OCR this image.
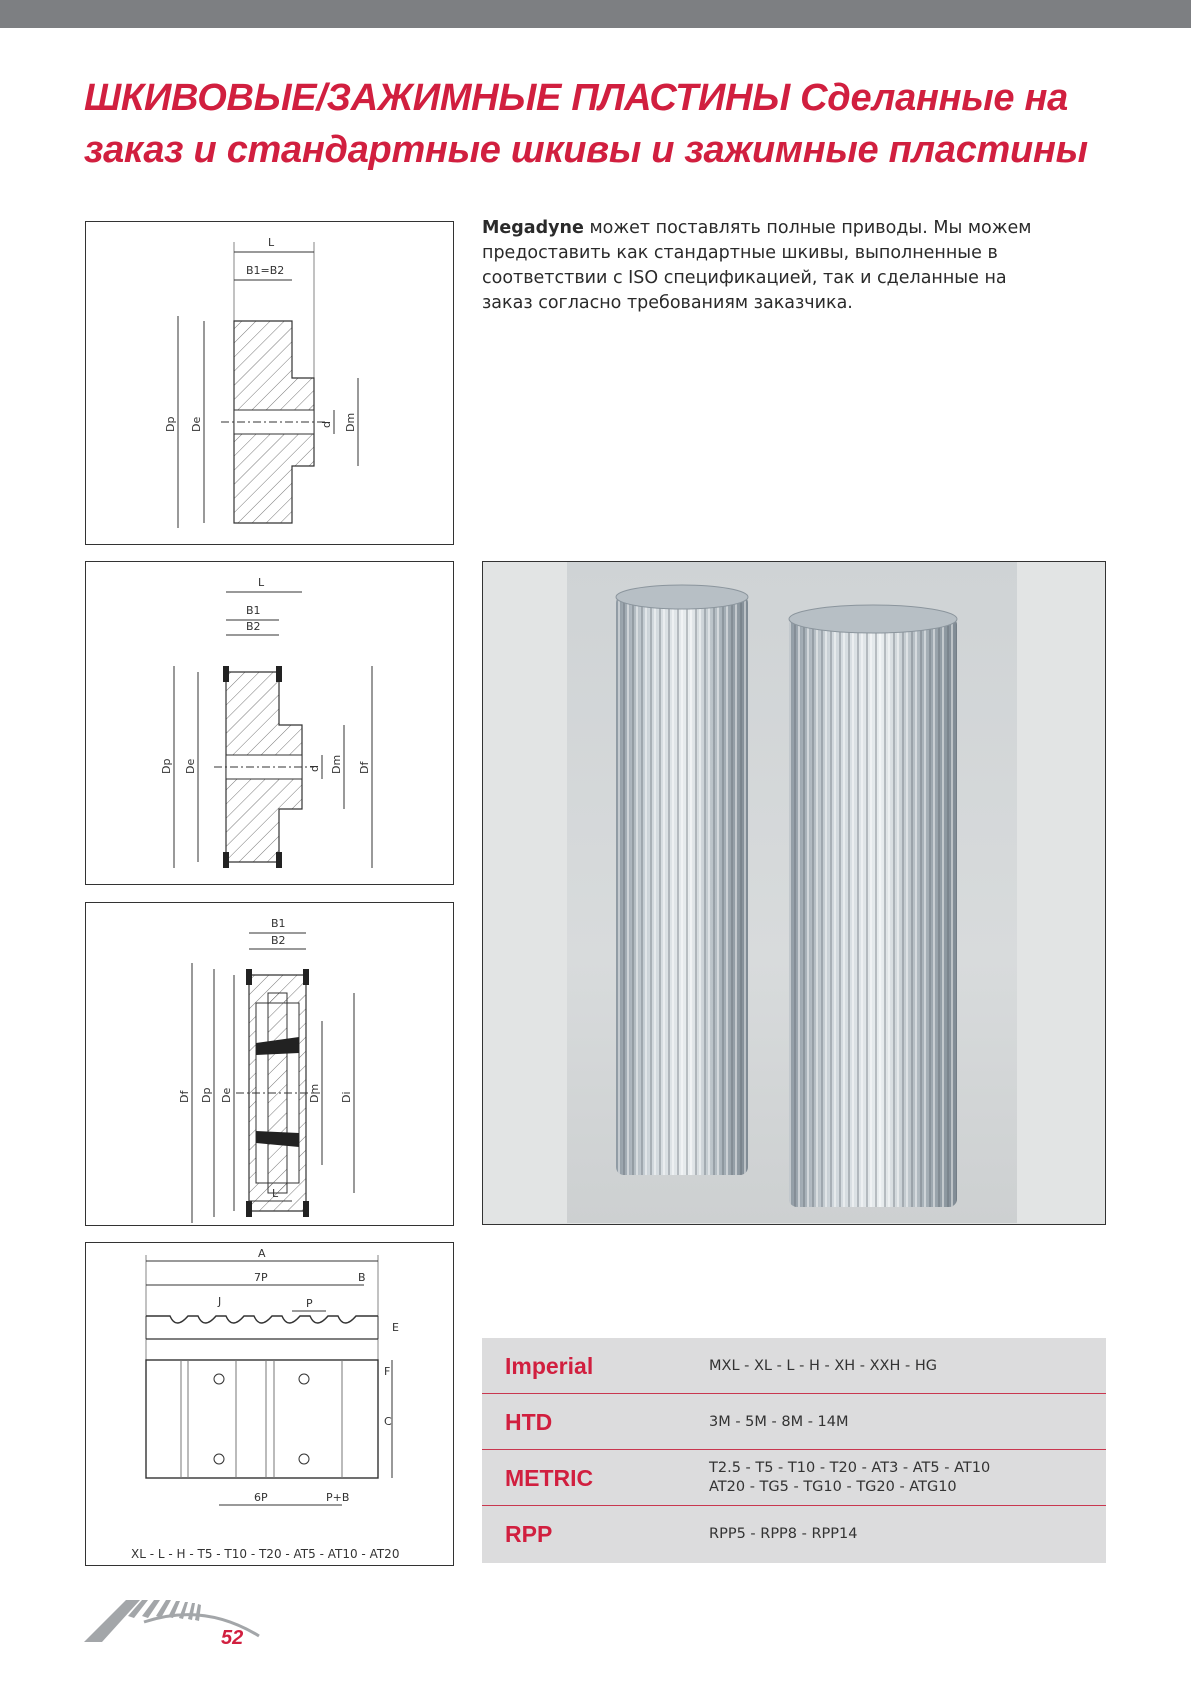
ШКИВОВЫЕ/ЗАЖИМНЫЕ ПЛАСТИНЫ Сделанные на
заказ и стандартные шкивы и зажимные пластины
Megadyne может поставлять полные приводы. Мы можем предоставить как стандартные шкивы, выполненные в соответствии с ISO спецификацией, так и сделанные на заказ согласно требованиям заказчика.
L
B1=B2
Dp De	d Dm
L
B1
B2
Dp De	d Dm Df
B1
B2
Df Dp De	Dm Di
L
A
7P	B
J	P
E
F
C
6P	P+B
XL - L - H - T5 - T10 - T20 - AT5 - AT10 - AT20
Imperial	MXL - XL - L - H - XH - XXH - HG
HTD	3M - 5M - 8M - 14M
METRIC	T2.5 - T5 - T10 - T20 - AT3 - AT5 - AT10
AT20 - TG5 - TG10 - TG20 - ATG10
RPP	RPP5 - RPP8 - RPP14
52
